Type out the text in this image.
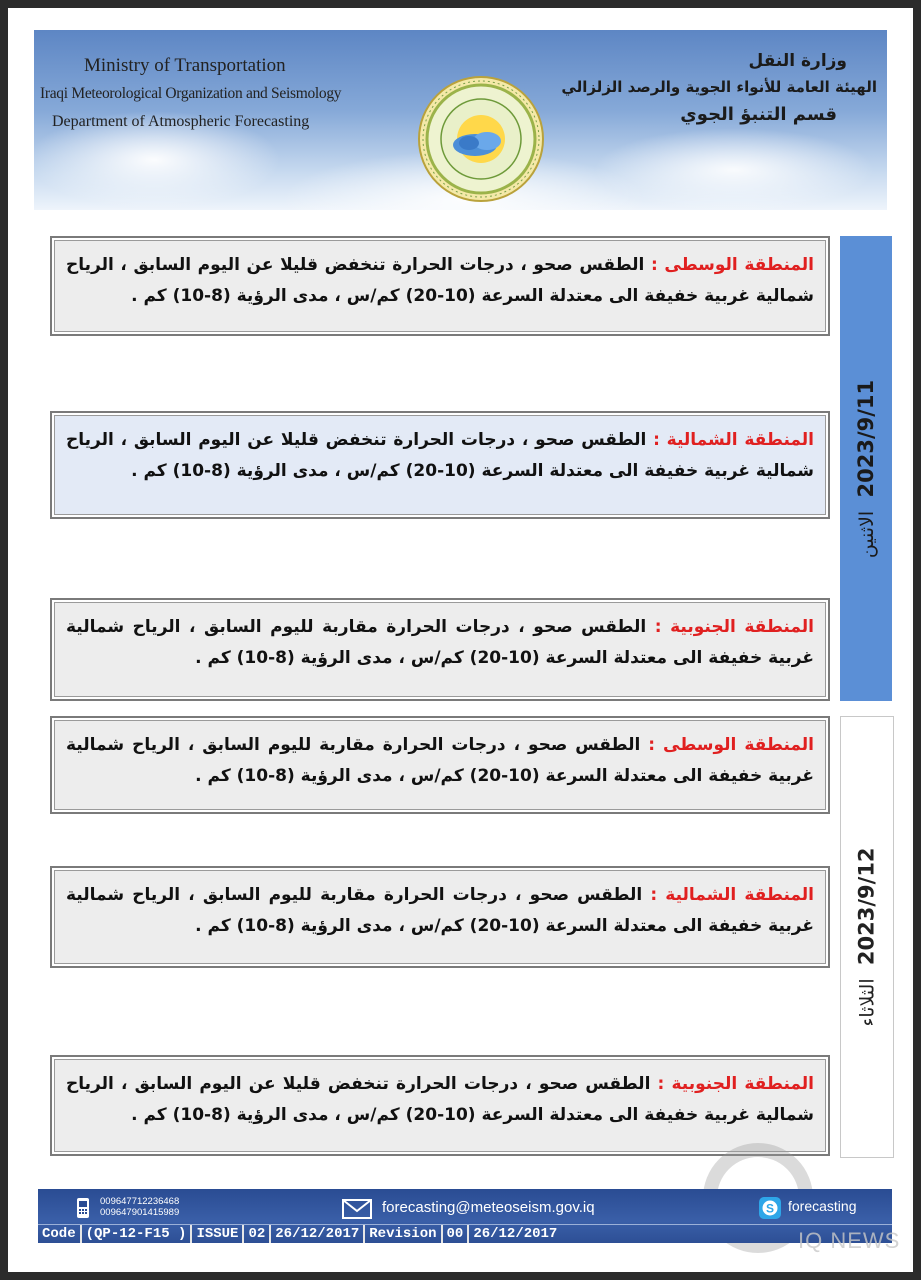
Ministry of Transportation
Iraqi Meteorological Organization and Seismology
Department of Atmospheric Forecasting
وزارة النقل
الهيئة العامة للأنواء الجوية والرصد الزلزالي
قسم التنبؤ الجوي
2023/9/11 الاثنين
المنطقة الوسطى : الطقس صحو ، درجات الحرارة تنخفض قليلا عن اليوم السابق ، الرياح شمالية غربية خفيفة الى معتدلة السرعة (10-20) كم/س ، مدى الرؤية (8-10) كم .
المنطقة الشمالية : الطقس صحو ، درجات الحرارة تنخفض قليلا عن اليوم السابق ، الرياح شمالية غربية خفيفة الى معتدلة السرعة (10-20) كم/س ، مدى الرؤية (8-10) كم .
المنطقة الجنوبية : الطقس صحو ، درجات الحرارة مقاربة لليوم السابق ، الرياح شمالية غربية خفيفة الى معتدلة السرعة (10-20) كم/س ، مدى الرؤية (8-10) كم .
2023/9/12 الثلاثاء
المنطقة الوسطى : الطقس صحو ، درجات الحرارة مقاربة لليوم السابق ، الرياح شمالية غربية خفيفة الى معتدلة السرعة (10-20) كم/س ، مدى الرؤية (8-10) كم .
المنطقة الشمالية : الطقس صحو ، درجات الحرارة مقاربة لليوم السابق ، الرياح شمالية غربية خفيفة الى معتدلة السرعة (10-20) كم/س ، مدى الرؤية (8-10) كم .
المنطقة الجنوبية : الطقس صحو ، درجات الحرارة تنخفض قليلا عن اليوم السابق ، الرياح شمالية غربية خفيفة الى معتدلة السرعة (10-20) كم/س ، مدى الرؤية (8-10) كم .
009647712236468
009647901415989	forecasting@meteoseism.gov.iq	S forecasting
Code (QP-12-F15 ) ISSUE 02 26/12/2017 Revision 00 26/12/2017	IQ NEWS
